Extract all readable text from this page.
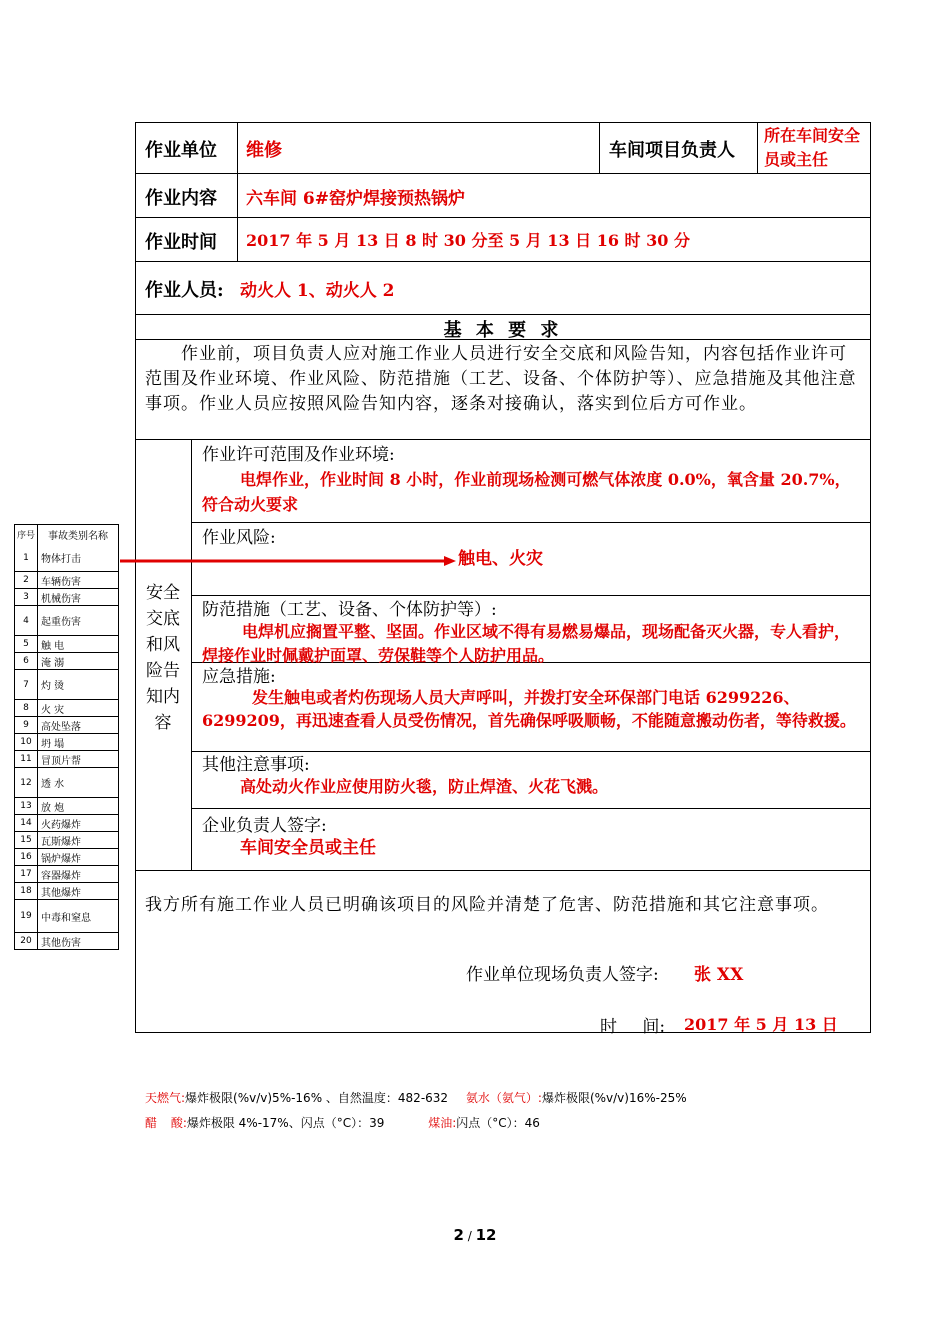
作业单位 维修	车间项目负责人
所在车间安全员或主任
作业内容 六车间 6#窑炉焊接预热锅炉
作业时间 2017 年 5 月 13 日 8 时 30 分至 5 月 13 日 16 时 30 分
作业人员: 动火人 1、动火人 2
基 本 要 求
作业前，项目负责人应对施工作业人员进行安全交底和风险告知，内容包括作业许可范围及作业环境、作业风险、防范措施（工艺、设备、个体防护等）、应急措施及其他注意事项。作业人员应按照风险告知内容，逐条对接确认，落实到位后方可作业。
安全交底和风险告知内容
作业许可范围及作业环境:
电焊作业，作业时间 8 小时，作业前现场检测可燃气体浓度 0.0%，氧含量 20.7%，符合动火要求
作业风险:
触电、火灾
防范措施（工艺、设备、个体防护等）:
电焊机应搁置平整、坚固。作业区域不得有易燃易爆品，现场配备灭火器，专人看护，焊接作业时佩戴护面罩、劳保鞋等个人防护用品。
应急措施:
发生触电或者灼伤现场人员大声呼叫，并拨打安全环保部门电话 6299226、6299209，再迅速查看人员受伤情况，首先确保呼吸顺畅，不能随意搬动伤者，等待救援。
其他注意事项:
高处动火作业应使用防火毯，防止焊渣、火花飞溅。
企业负责人签字:
车间安全员或主任
我方所有施工作业人员已明确该项目的风险并清楚了危害、防范措施和其它注意事项。
作业单位现场负责人签字: 张 XX
时 间: 2017 年 5 月 13 日
序号	事故类别名称
1	物体打击
2	车辆伤害
3	机械伤害
4	起重伤害
5	触 电
6	淹 溺
7	灼 烫
8	火 灾
9	高处坠落
10 坍 塌
11 冒顶片帮
12 透 水
13 放 炮
14 火药爆炸
15 瓦斯爆炸
16 锅炉爆炸
17 容器爆炸
18 其他爆炸
19 中毒和窒息
20 其他伤害
天燃气:爆炸极限(%v/v)5%-16% 、自然温度：482-632 氨水（氨气）:爆炸极限(%v/v)16%-25%
醋 酸:爆炸极限 4%-17%、闪点（°C）：39	煤油:闪点（°C）：46
2 / 12
